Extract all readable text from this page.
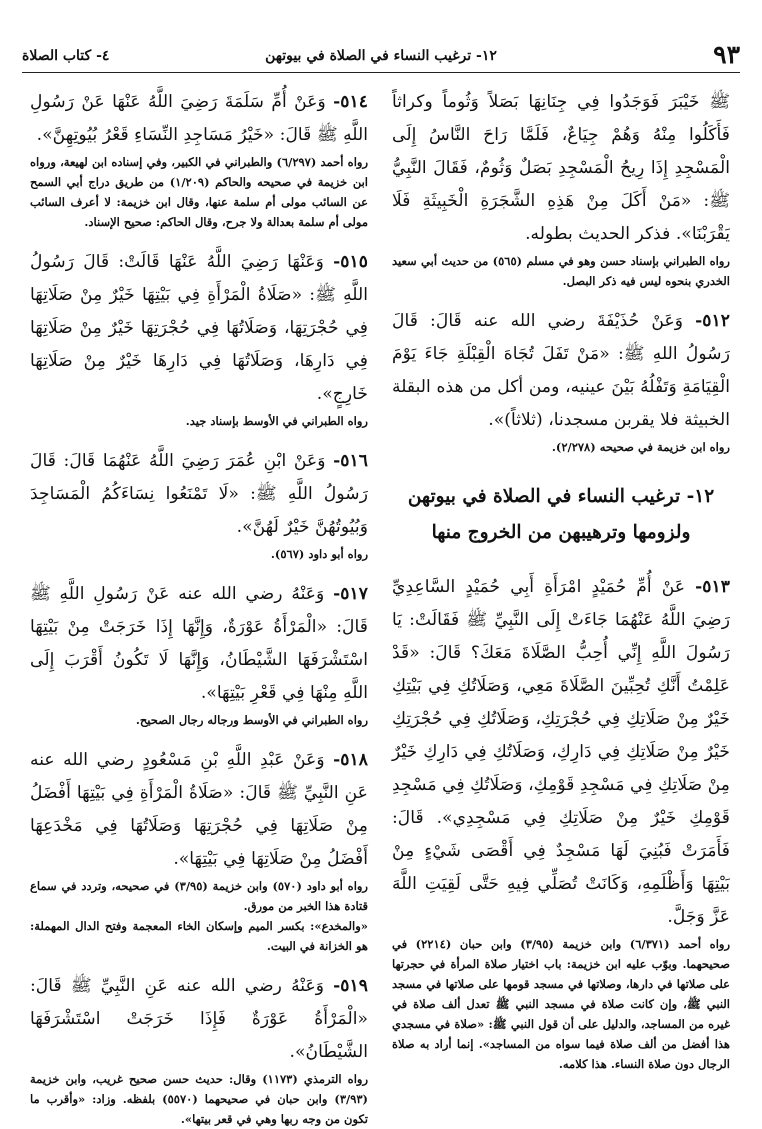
٩٣
١٢- ترغيب النساء في الصلاة في بيوتهن
٤- كتاب الصلاة

ﷺ خَيْبَرَ فَوَجَدُوا فِي جِنَانِهَا بَصَلاً وَثُوماً وكراثاً فَأَكَلُوا مِنْهُ وَهُمْ جِيَاعٌ، فَلَمَّا رَاحَ النَّاسُ إِلَى الْمَسْجِدِ إِذَا رِيحُ الْمَسْجِدِ بَصَلٌ وَثُومٌ، فَقَالَ النَّبِيُّ ﷺ: «مَنْ أَكَلَ مِنْ هَذِهِ الشَّجَرَةِ الْخَبِيثَةِ فَلَا يَقْرَبْنَا». فذكر الحديث بطوله.

رواه الطبراني بإسناد حسن وهو في مسلم (٥٦٥) من حديث أبي سعيد الخدري بنحوه ليس فيه ذكر البصل.

٥١٢- وَعَنْ حُذَيْفَةَ رضي الله عنه قَالَ: قَالَ رَسُولُ اللهِ ﷺ: «مَنْ تَفَلَ تُجَاهَ الْقِبْلَةِ جَاءَ يَوْمَ الْقِيَامَةِ وَتَفْلُهُ بَيْنَ عينيه، ومن أكل من هذه البقلة الخبيثة فلا يقربن مسجدنا، (ثلاثاً)».

رواه ابن خزيمة في صحيحه (٢/٢٧٨).

١٢- ترغيب النساء في الصلاة في بيوتهن
ولزومها وترهيبهن من الخروج منها

٥١٣- عَنْ أُمِّ حُمَيْدٍ امْرَأَةِ أَبِي حُمَيْدٍ السَّاعِدِيِّ رَضِيَ اللَّهُ عَنْهُمَا جَاءَتْ إِلَى النَّبِيِّ ﷺ فَقَالَتْ: يَا رَسُولَ اللَّهِ إِنِّي أُحِبُّ الصَّلَاةَ مَعَكَ؟ قَالَ: «قَدْ عَلِمْتُ أَنَّكِ تُحِبِّينَ الصَّلَاةَ مَعِي، وَصَلَاتُكِ فِي بَيْتِكِ خَيْرٌ مِنْ صَلَاتِكِ فِي حُجْرَتِكِ، وَصَلَاتُكِ فِي حُجْرَتِكِ خَيْرٌ مِنْ صَلَاتِكِ فِي دَارِكِ، وَصَلَاتُكِ فِي دَارِكِ خَيْرٌ مِنْ صَلَاتِكِ فِي مَسْجِدِ قَوْمِكِ، وَصَلَاتُكِ فِي مَسْجِدِ قَوْمِكِ خَيْرٌ مِنْ صَلَاتِكِ فِي مَسْجِدِي». قَالَ: فَأَمَرَتْ فَبُنِيَ لَهَا مَسْجِدٌ فِي أَقْصَى شَيْءٍ مِنْ بَيْتِهَا وَأَظْلَمِهِ، وَكَانَتْ تُصَلِّي فِيهِ حَتَّى لَقِيَتِ اللَّهَ عَزَّ وَجَلَّ.

رواه أحمد (٦/٣٧١) وابن خزيمة (٣/٩٥) وابن حبان (٢٢١٤) في صحيحهما. وبوّب عليه ابن خزيمة: باب اختيار صلاة المرأة في حجرتها على صلاتها في دارها، وصلاتها في مسجد قومها على صلاتها في مسجد النبي ﷺ، وإن كانت صلاة في مسجد النبي ﷺ تعدل ألف صلاة في غيره من المساجد، والدليل على أن قول النبي ﷺ: «صلاة في مسجدي هذا أفضل من ألف صلاة فيما سواه من المساجد». إنما أراد به صلاة الرجال دون صلاة النساء. هذا كلامه.

٥١٤- وَعَنْ أُمِّ سَلَمَةَ رَضِيَ اللَّهُ عَنْهَا عَنْ رَسُولِ اللَّهِ ﷺ قَالَ: «خَيْرُ مَسَاجِدِ النِّسَاءِ قَعْرُ بُيُوتِهِنَّ».

رواه أحمد (٦/٢٩٧) والطبراني في الكبير، وفي إسناده ابن لهيعة، ورواه ابن خزيمة في صحيحه والحاكم (١/٢٠٩) من طريق دراج أبي السمح عن السائب مولى أم سلمة عنها، وقال ابن خزيمة: لا أعرف السائب مولى أم سلمة بعدالة ولا جرح، وقال الحاكم: صحيح الإسناد.

٥١٥- وَعَنْهَا رَضِيَ اللَّهُ عَنْهَا قَالَتْ: قَالَ رَسُولُ اللَّهِ ﷺ: «صَلَاةُ الْمَرْأَةِ فِي بَيْتِهَا خَيْرٌ مِنْ صَلَاتِهَا فِي حُجْرَتِهَا، وَصَلَاتُهَا فِي حُجْرَتِهَا خَيْرٌ مِنْ صَلَاتِهَا فِي دَارِهَا، وَصَلَاتُهَا فِي دَارِهَا خَيْرٌ مِنْ صَلَاتِهَا خَارِجٍ».

رواه الطبراني في الأوسط بإسناد جيد.

٥١٦- وَعَنْ ابْنِ عُمَرَ رَضِيَ اللَّهُ عَنْهُمَا قَالَ: قَالَ رَسُولُ اللَّهِ ﷺ: «لَا تَمْنَعُوا نِسَاءَكُمُ الْمَسَاجِدَ وَبُيُوتُهُنَّ خَيْرٌ لَهُنَّ».

رواه أبو داود (٥٦٧).

٥١٧- وَعَنْهُ رضي الله عنه عَنْ رَسُولِ اللَّهِ ﷺ قَالَ: «الْمَرْأَةُ عَوْرَةٌ، وَإِنَّهَا إِذَا خَرَجَتْ مِنْ بَيْتِهَا اسْتَشْرَفَهَا الشَّيْطَانُ، وَإِنَّهَا لَا تَكُونُ أَقْرَبَ إِلَى اللَّهِ مِنْهَا فِي قَعْرِ بَيْتِهَا».

رواه الطبراني في الأوسط ورجاله رجال الصحيح.

٥١٨- وَعَنْ عَبْدِ اللَّهِ بْنِ مَسْعُودٍ رضي الله عنه عَنِ النَّبِيِّ ﷺ قَالَ: «صَلَاةُ الْمَرْأَةِ فِي بَيْتِهَا أَفْضَلُ مِنْ صَلَاتِهَا فِي حُجْرَتِهَا وَصَلَاتُهَا فِي مَخْدَعِهَا أَفْضَلُ مِنْ صَلَاتِهَا فِي بَيْتِهَا».

رواه أبو داود (٥٧٠) وابن خزيمة (٣/٩٥) في صحيحه، وتردد في سماع قتادة هذا الخبر من مورق.

«والمخدع»: بكسر الميم وإسكان الخاء المعجمة وفتح الدال المهملة: هو الخزانة في البيت.

٥١٩- وَعَنْهُ رضي الله عنه عَنِ النَّبِيِّ ﷺ قَالَ: «الْمَرْأَةُ عَوْرَةٌ فَإِذَا خَرَجَتْ اسْتَشْرَفَهَا الشَّيْطَانُ».

رواه الترمذي (١١٧٣) وقال: حديث حسن صحيح غريب، وابن خزيمة (٣/٩٣) وابن حبان في صحيحهما (٥٥٧٠) بلفظه. وزاد: «وأقرب ما تكون من وجه ربها وهي في قعر بيتها».
